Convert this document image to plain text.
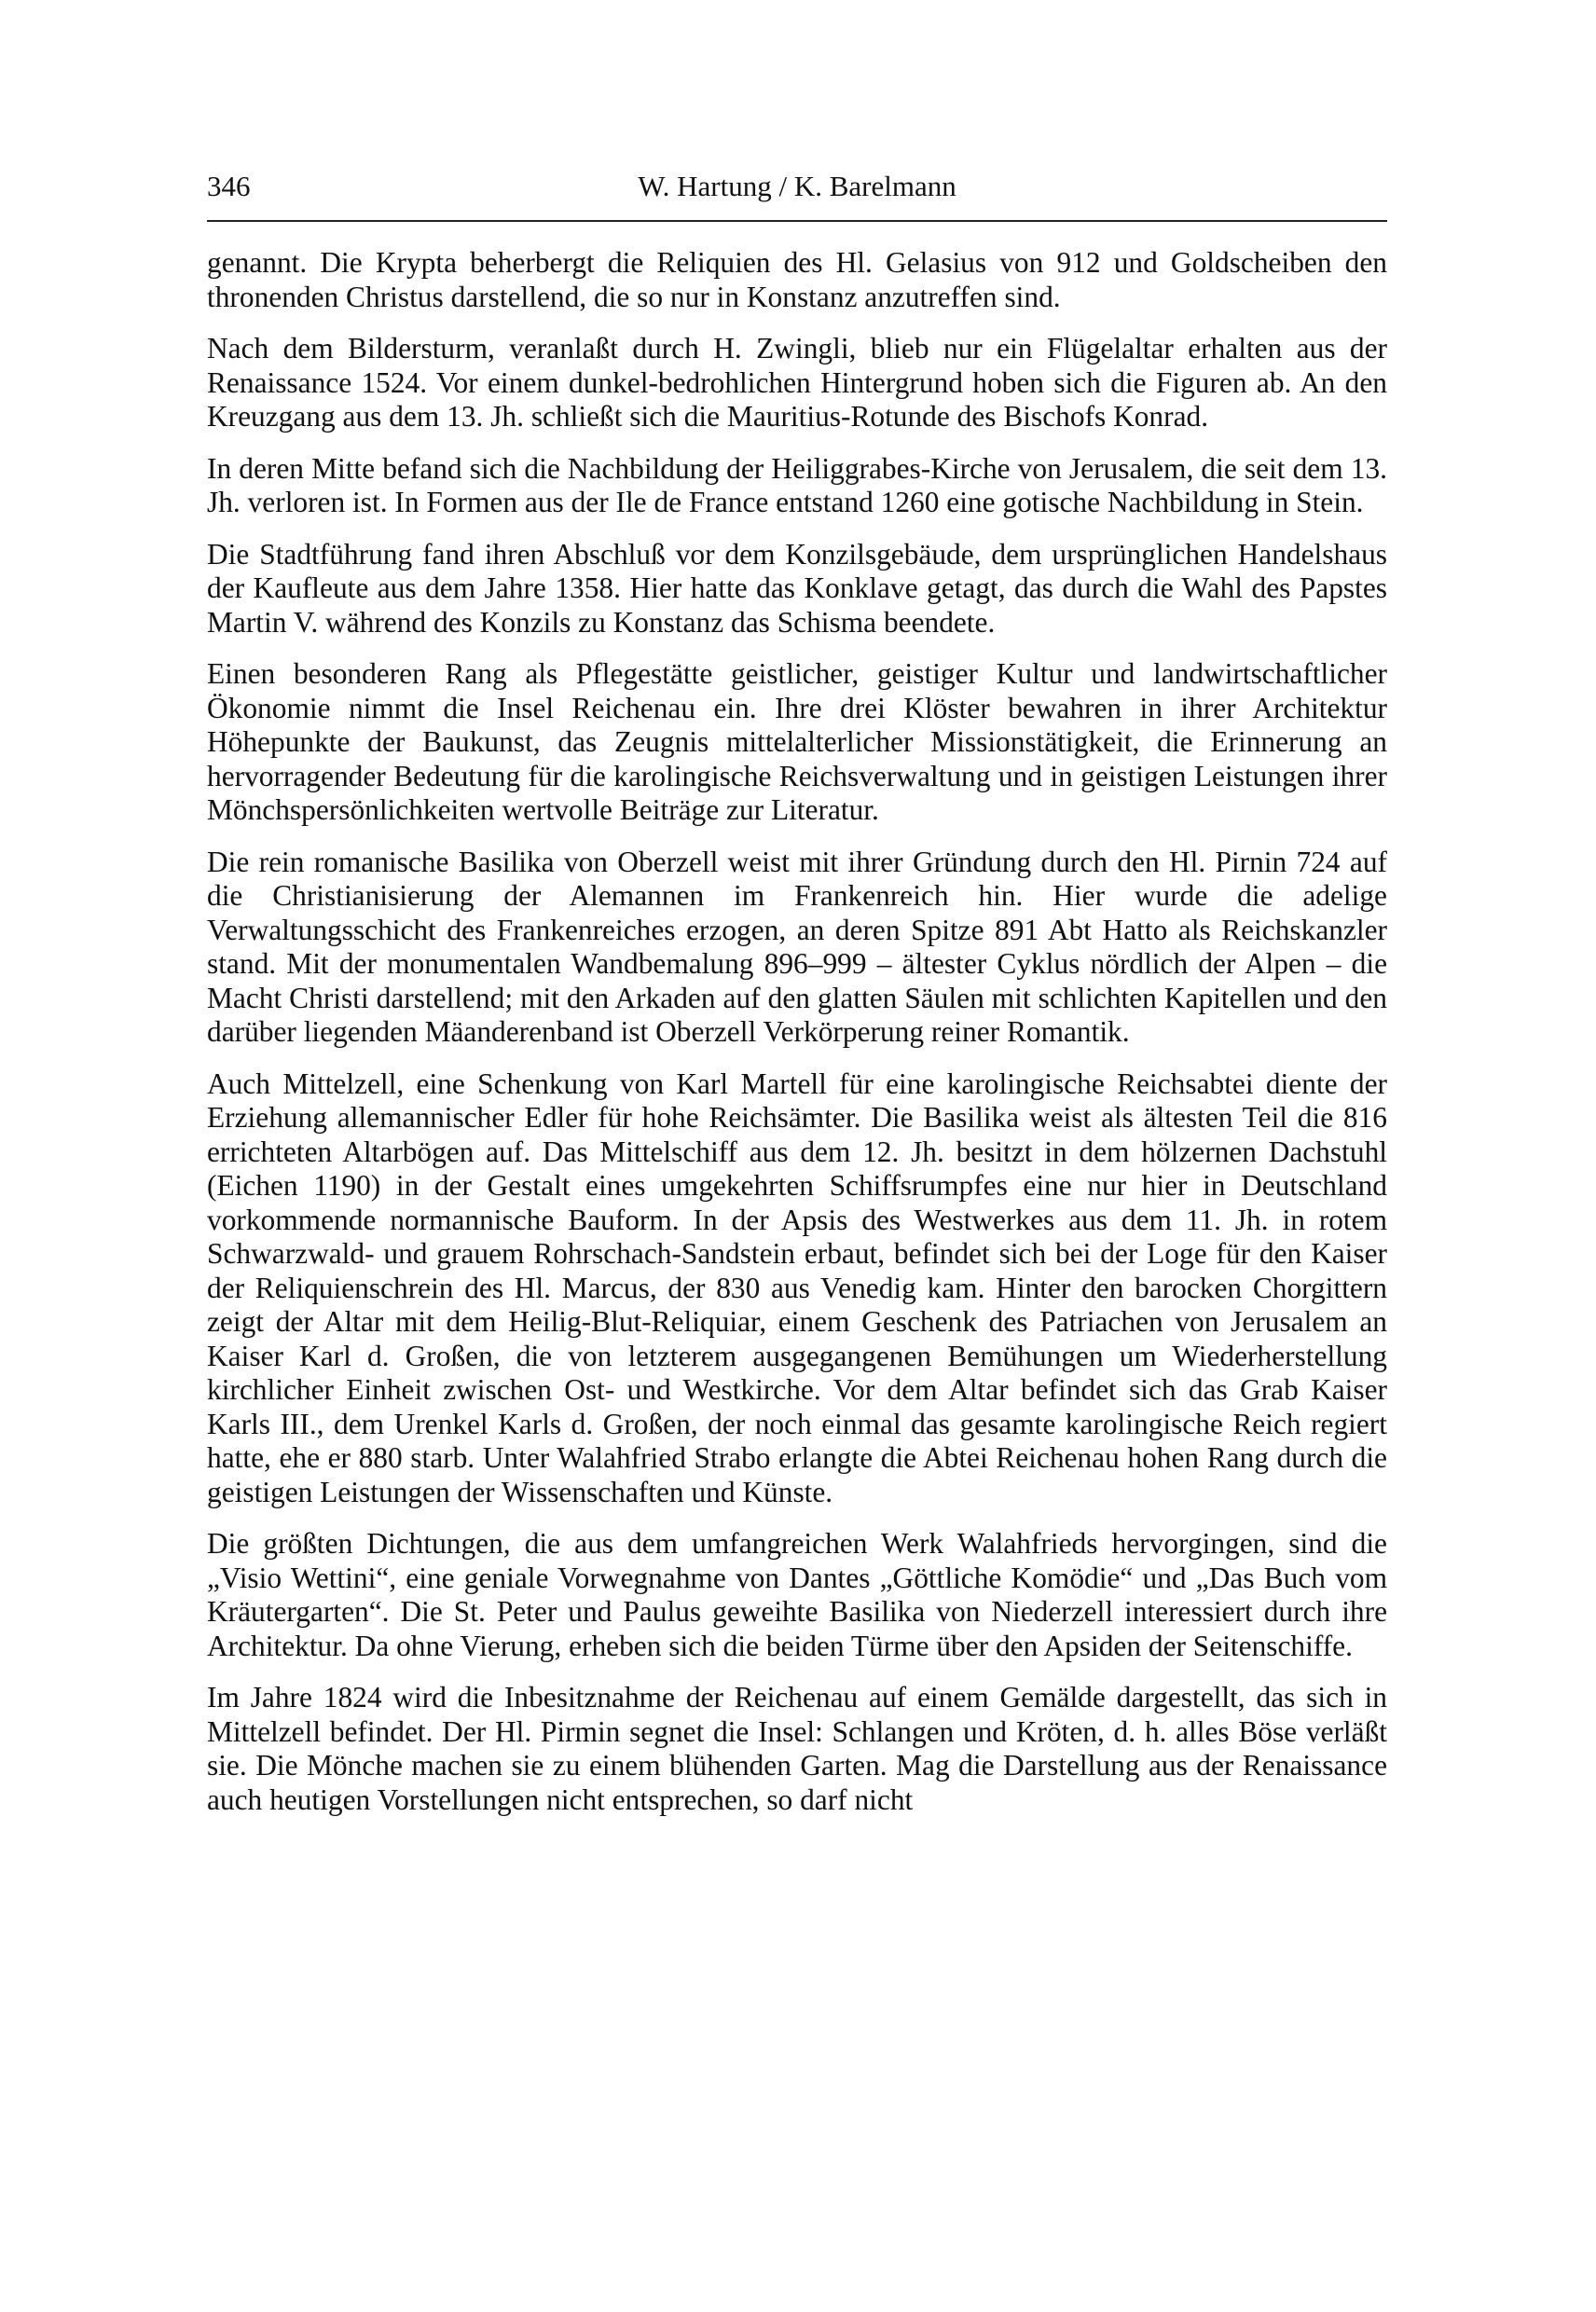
346	W. Hartung / K. Barelmann

genannt. Die Krypta beherbergt die Reliquien des Hl. Gelasius von 912 und Goldscheiben den thronenden Christus darstellend, die so nur in Konstanz anzutreffen sind.

Nach dem Bildersturm, veranlaßt durch H. Zwingli, blieb nur ein Flügelaltar erhalten aus der Renaissance 1524. Vor einem dunkel-bedrohlichen Hintergrund hoben sich die Figuren ab. An den Kreuzgang aus dem 13. Jh. schließt sich die Mauritius-Rotunde des Bischofs Konrad.

In deren Mitte befand sich die Nachbildung der Heiliggrabes-Kirche von Jerusalem, die seit dem 13. Jh. verloren ist. In Formen aus der Ile de France entstand 1260 eine gotische Nachbildung in Stein.

Die Stadtführung fand ihren Abschluß vor dem Konzilsgebäude, dem ursprünglichen Handelshaus der Kaufleute aus dem Jahre 1358. Hier hatte das Konklave getagt, das durch die Wahl des Papstes Martin V. während des Konzils zu Konstanz das Schisma beendete.

Einen besonderen Rang als Pflegestätte geistlicher, geistiger Kultur und landwirtschaftlicher Ökonomie nimmt die Insel Reichenau ein. Ihre drei Klöster bewahren in ihrer Architektur Höhepunkte der Baukunst, das Zeugnis mittelalterlicher Missionstätigkeit, die Erinnerung an hervorragender Bedeutung für die karolingische Reichsverwaltung und in geistigen Leistungen ihrer Mönchspersönlichkeiten wertvolle Beiträge zur Literatur.

Die rein romanische Basilika von Oberzell weist mit ihrer Gründung durch den Hl. Pirnin 724 auf die Christianisierung der Alemannen im Frankenreich hin. Hier wurde die adelige Verwaltungsschicht des Frankenreiches erzogen, an deren Spitze 891 Abt Hatto als Reichskanzler stand. Mit der monumentalen Wandbemalung 896–999 – ältester Cyklus nördlich der Alpen – die Macht Christi darstellend; mit den Arkaden auf den glatten Säulen mit schlichten Kapitellen und den darüber liegenden Mäanderenband ist Oberzell Verkörperung reiner Romantik.

Auch Mittelzell, eine Schenkung von Karl Martell für eine karolingische Reichsabtei diente der Erziehung allemannischer Edler für hohe Reichsämter. Die Basilika weist als ältesten Teil die 816 errichteten Altarbögen auf. Das Mittelschiff aus dem 12. Jh. besitzt in dem hölzernen Dachstuhl (Eichen 1190) in der Gestalt eines umgekehrten Schiffsrumpfes eine nur hier in Deutschland vorkommende normannische Bauform. In der Apsis des Westwerkes aus dem 11. Jh. in rotem Schwarzwald- und grauem Rohrschach-Sandstein erbaut, befindet sich bei der Loge für den Kaiser der Reliquienschrein des Hl. Marcus, der 830 aus Venedig kam. Hinter den barocken Chorgittern zeigt der Altar mit dem Heilig-Blut-Reliquiar, einem Geschenk des Patriachen von Jerusalem an Kaiser Karl d. Großen, die von letzterem ausgegangenen Bemühungen um Wiederherstellung kirchlicher Einheit zwischen Ost- und Westkirche. Vor dem Altar befindet sich das Grab Kaiser Karls III., dem Urenkel Karls d. Großen, der noch einmal das gesamte karolingische Reich regiert hatte, ehe er 880 starb. Unter Walahfried Strabo erlangte die Abtei Reichenau hohen Rang durch die geistigen Leistungen der Wissenschaften und Künste.

Die größten Dichtungen, die aus dem umfangreichen Werk Walahfrieds hervorgingen, sind die „Visio Wettini“, eine geniale Vorwegnahme von Dantes „Göttliche Komödie“ und „Das Buch vom Kräutergarten“. Die St. Peter und Paulus geweihte Basilika von Niederzell interessiert durch ihre Architektur. Da ohne Vierung, erheben sich die beiden Türme über den Apsiden der Seitenschiffe.

Im Jahre 1824 wird die Inbesitznahme der Reichenau auf einem Gemälde dargestellt, das sich in Mittelzell befindet. Der Hl. Pirmin segnet die Insel: Schlangen und Kröten, d. h. alles Böse verläßt sie. Die Mönche machen sie zu einem blühenden Garten. Mag die Darstellung aus der Renaissance auch heutigen Vorstellungen nicht entsprechen, so darf nicht
